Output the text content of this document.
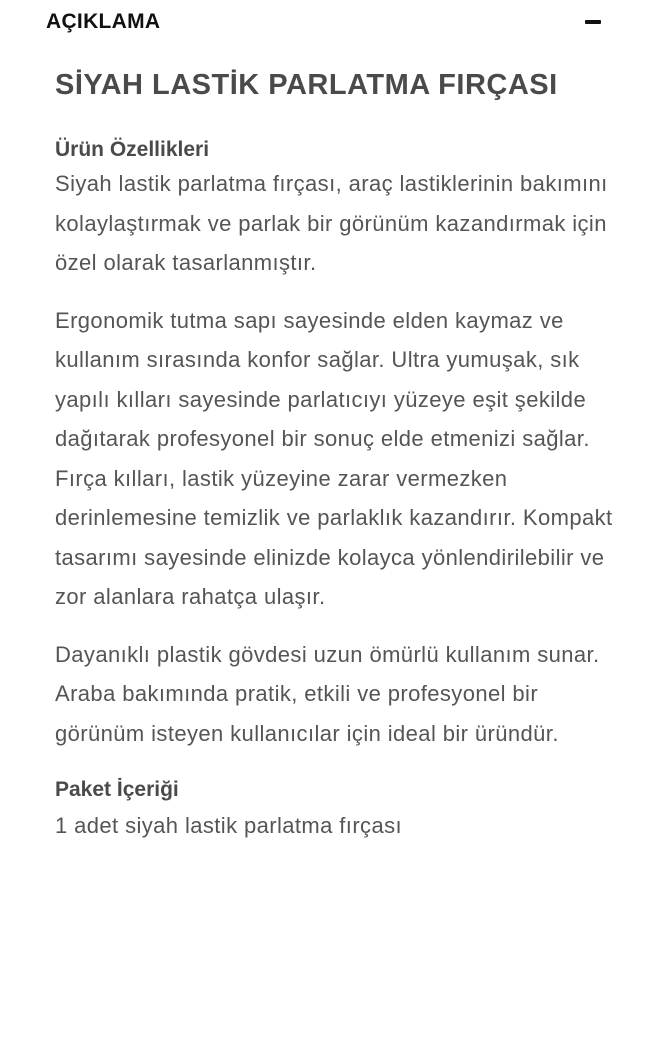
AÇIKLAMA
SİYAH LASTİK PARLATMA FIRÇASI
Ürün Özellikleri

Siyah lastik parlatma fırçası, araç lastiklerinin bakımını kolaylaştırmak ve parlak bir görünüm kazandırmak için özel olarak tasarlanmıştır.

Ergonomik tutma sapı sayesinde elden kaymaz ve kullanım sırasında konfor sağlar. Ultra yumuşak, sık yapılı kılları sayesinde parlatıcıyı yüzeye eşit şekilde dağıtarak profesyonel bir sonuç elde etmenizi sağlar. Fırça kılları, lastik yüzeyine zarar vermezken derinlemesine temizlik ve parlaklık kazandırır. Kompakt tasarımı sayesinde elinizde kolayca yönlendirilebilir ve zor alanlara rahatça ulaşır.

Dayanıklı plastik gövdesi uzun ömürlü kullanım sunar. Araba bakımında pratik, etkili ve profesyonel bir görünüm isteyen kullanıcılar için ideal bir üründür.

Paket İçeriği

1 adet siyah lastik parlatma fırçası
